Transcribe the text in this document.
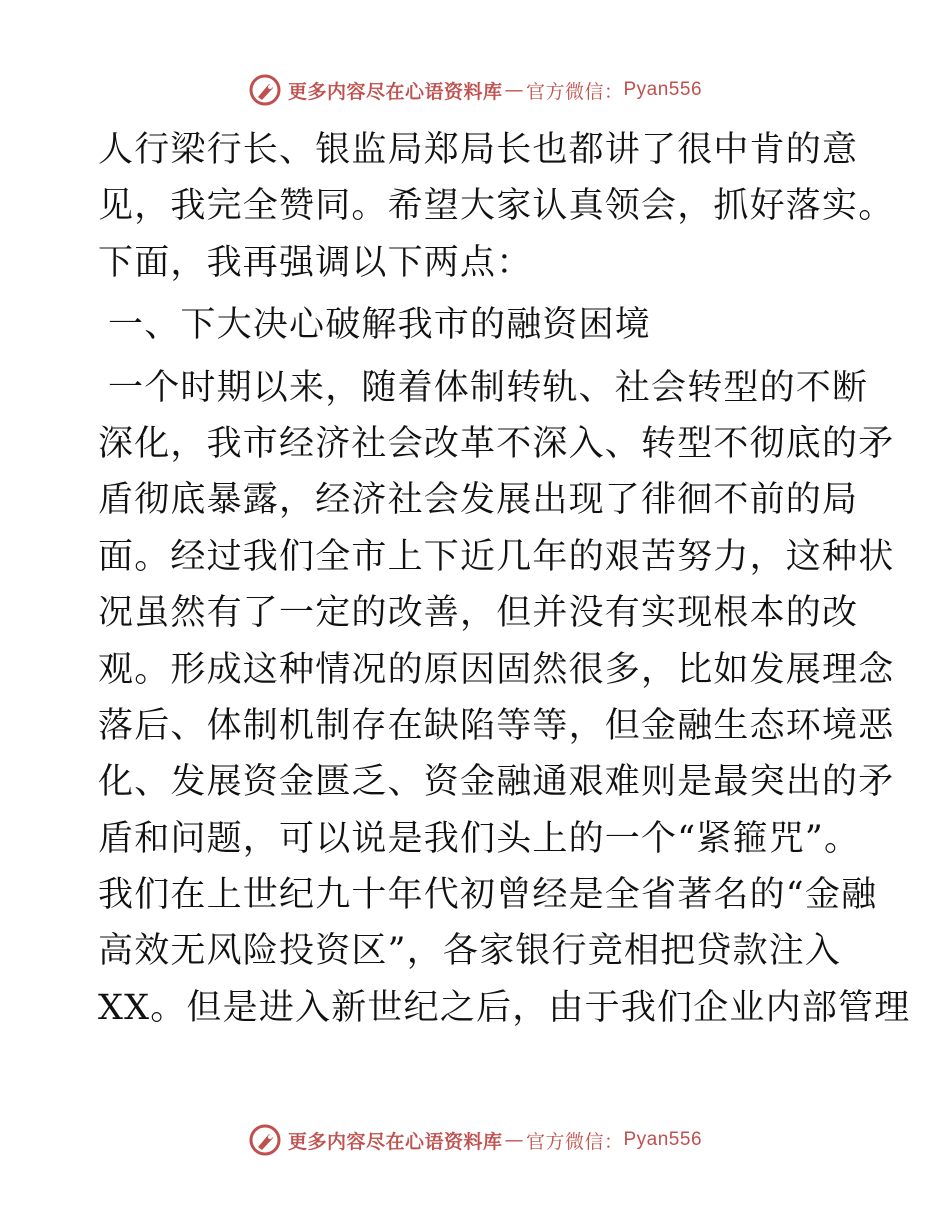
更多内容尽在心语资料库 — 官方微信： Pyan556
人行梁行长、银监局郑局长也都讲了很中肯的意
见，我完全赞同。希望大家认真领会，抓好落实。
下面，我再强调以下两点：
一、下大决心破解我市的融资困境
一个时期以来，随着体制转轨、社会转型的不断
深化，我市经济社会改革不深入、转型不彻底的矛
盾彻底暴露，经济社会发展出现了徘徊不前的局
面。经过我们全市上下近几年的艰苦努力，这种状
况虽然有了一定的改善，但并没有实现根本的改
观。形成这种情况的原因固然很多，比如发展理念
落后、体制机制存在缺陷等等，但金融生态环境恶
化、发展资金匮乏、资金融通艰难则是最突出的矛
盾和问题，可以说是我们头上的一个“紧箍咒”。
我们在上世纪九十年代初曾经是全省著名的“金融
高效无风险投资区”，各家银行竞相把贷款注入
XX。但是进入新世纪之后，由于我们企业内部管理
更多内容尽在心语资料库 — 官方微信： Pyan556
